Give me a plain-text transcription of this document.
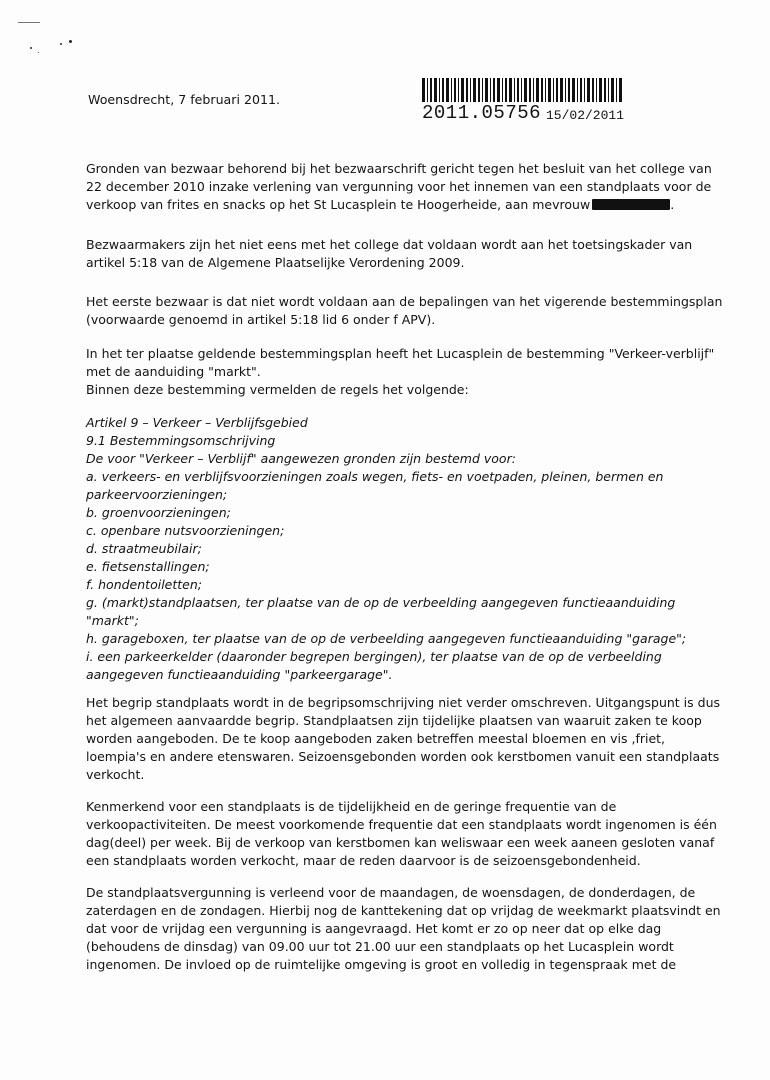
Woensdrecht, 7 februari 2011.
2011.05756 15/02/2011
Gronden van bezwaar behorend bij het bezwaarschrift gericht tegen het besluit van het college van
22 december 2010 inzake verlening van vergunning voor het innemen van een standplaats voor de
verkoop van frites en snacks op het St Lucasplein te Hoogerheide, aan mevrouw	.
Bezwaarmakers zijn het niet eens met het college dat voldaan wordt aan het toetsingskader van
artikel 5:18 van de Algemene Plaatselijke Verordening 2009.
Het eerste bezwaar is dat niet wordt voldaan aan de bepalingen van het vigerende bestemmingsplan
(voorwaarde genoemd in artikel 5:18 lid 6 onder f APV).
In het ter plaatse geldende bestemmingsplan heeft het Lucasplein de bestemming "Verkeer-verblijf"
met de aanduiding "markt".
Binnen deze bestemming vermelden de regels het volgende:
Artikel 9 – Verkeer – Verblijfsgebied
9.1 Bestemmingsomschrijving
De voor "Verkeer – Verblijf" aangewezen gronden zijn bestemd voor:
a. verkeers- en verblijfsvoorzieningen zoals wegen, fiets- en voetpaden, pleinen, bermen en
parkeervoorzieningen;
b. groenvoorzieningen;
c. openbare nutsvoorzieningen;
d. straatmeubilair;
e. fietsenstallingen;
f. hondentoiletten;
g. (markt)standplaatsen, ter plaatse van de op de verbeelding aangegeven functieaanduiding
"markt";
h. garageboxen, ter plaatse van de op de verbeelding aangegeven functieaanduiding "garage";
i. een parkeerkelder (daaronder begrepen bergingen), ter plaatse van de op de verbeelding
aangegeven functieaanduiding "parkeergarage".
Het begrip standplaats wordt in de begripsomschrijving niet verder omschreven. Uitgangspunt is dus
het algemeen aanvaardde begrip. Standplaatsen zijn tijdelijke plaatsen van waaruit zaken te koop
worden aangeboden. De te koop aangeboden zaken betreffen meestal bloemen en vis ,friet,
loempia's en andere etenswaren. Seizoensgebonden worden ook kerstbomen vanuit een standplaats
verkocht.
Kenmerkend voor een standplaats is de tijdelijkheid en de geringe frequentie van de
verkoopactiviteiten. De meest voorkomende frequentie dat een standplaats wordt ingenomen is één
dag(deel) per week. Bij de verkoop van kerstbomen kan weliswaar een week aaneen gesloten vanaf
een standplaats worden verkocht, maar de reden daarvoor is de seizoensgebondenheid.
De standplaatsvergunning is verleend voor de maandagen, de woensdagen, de donderdagen, de
zaterdagen en de zondagen. Hierbij nog de kanttekening dat op vrijdag de weekmarkt plaatsvindt en
dat voor de vrijdag een vergunning is aangevraagd. Het komt er zo op neer dat op elke dag
(behoudens de dinsdag) van 09.00 uur tot 21.00 uur een standplaats op het Lucasplein wordt
ingenomen. De invloed op de ruimtelijke omgeving is groot en volledig in tegenspraak met de
